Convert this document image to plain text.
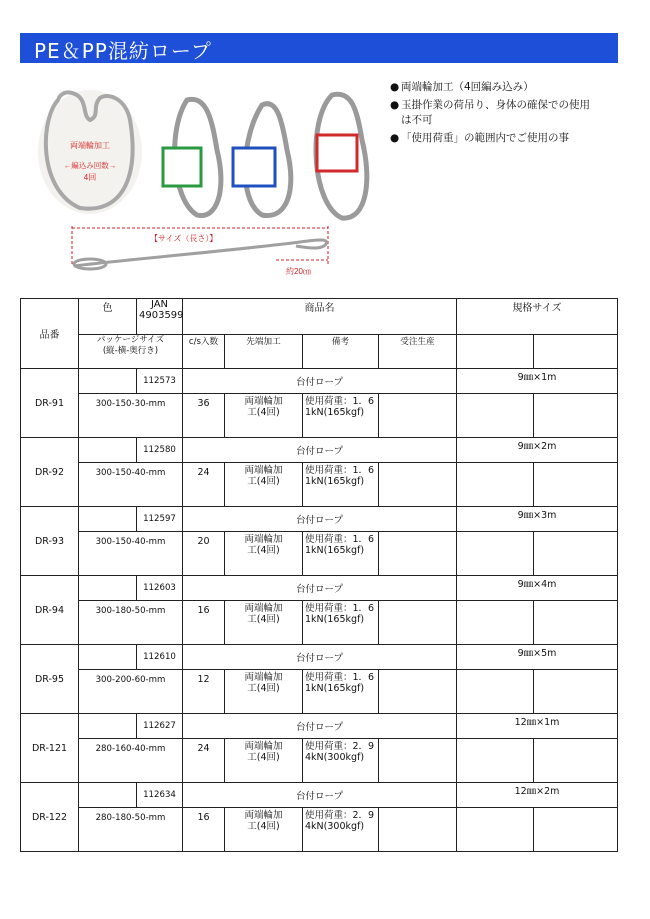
PE＆PP混紡ロープ
両端輪加工
←編込み回数→
4回
【サイズ（長さ）】
約20㎝
● 両端輪加工（4回編み込み）
● 玉掛作業の荷吊り、身体の確保での使用
は不可
● 「使用荷重」の範囲内でご使用の事
品番	色	JAN
4903599	商品名				規格サイズ	
	パッケージサイズ
(縦‐横‐奥行き)		c/s入数	先端加工	備考	受注生産		
DR-91		112573	台付ロープ				9㎜×1m	
	300-150-30-mm		36	両端輪加
工(4回)	使用荷重：1．6
1kN(165kgf)			
DR-92		112580	台付ロープ				9㎜×2m	
	300-150-40-mm		24	両端輪加
工(4回)	使用荷重：1．6
1kN(165kgf)			
DR-93		112597	台付ロープ				9㎜×3m	
	300-150-40-mm		20	両端輪加
工(4回)	使用荷重：1．6
1kN(165kgf)			
DR-94		112603	台付ロープ				9㎜×4m	
	300-180-50-mm		16	両端輪加
工(4回)	使用荷重：1．6
1kN(165kgf)			
DR-95		112610	台付ロープ				9㎜×5m	
	300-200-60-mm		12	両端輪加
工(4回)	使用荷重：1．6
1kN(165kgf)			
DR-121		112627	台付ロープ				12㎜×1m	
	280-160-40-mm		24	両端輪加
工(4回)	使用荷重：2．9
4kN(300kgf)			
DR-122		112634	台付ロープ				12㎜×2m	
	280-180-50-mm		16	両端輪加
工(4回)	使用荷重：2．9
4kN(300kgf)			
